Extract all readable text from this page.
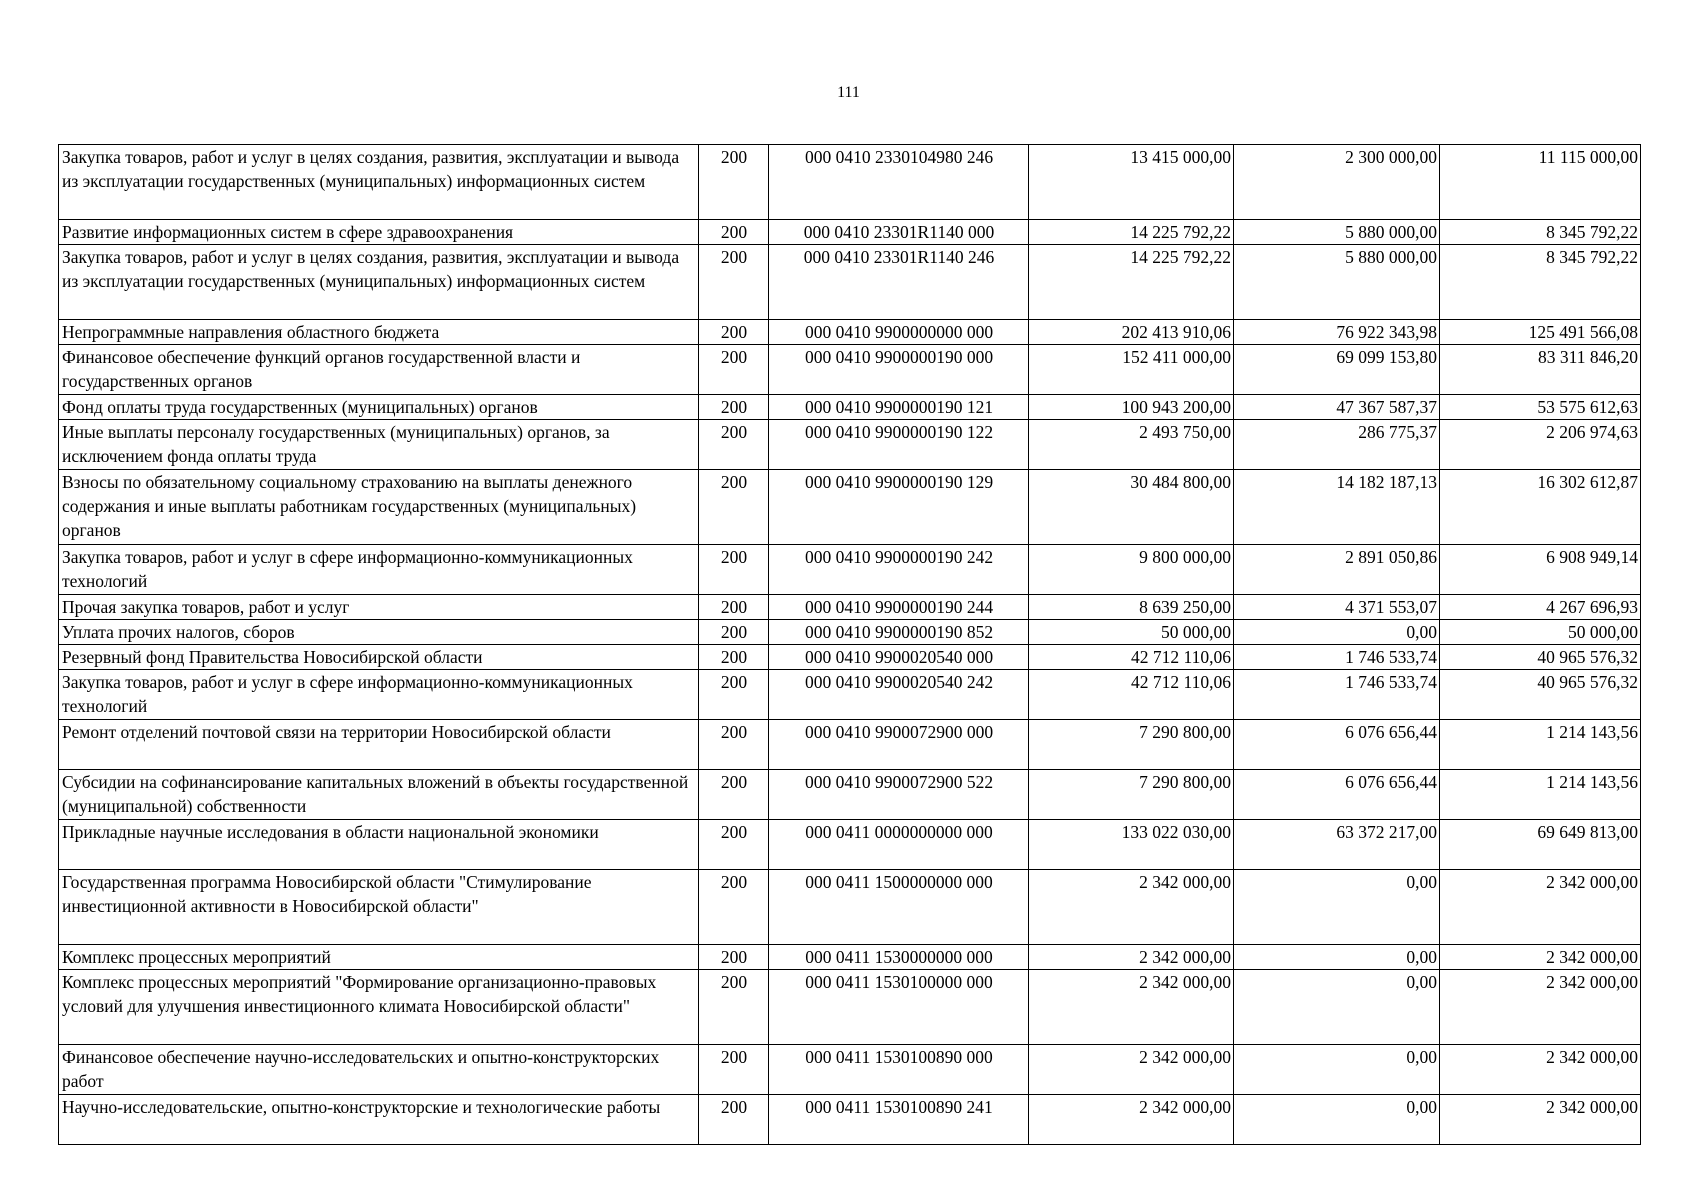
111
Закупка товаров, работ и услуг в целях создания, развития, эксплуатации и вывода из эксплуатации государственных (муниципальных) информационных систем	200	000 0410 2330104980 246	13 415 000,00	2 300 000,00	11 115 000,00
Развитие информационных систем в сфере здравоохранения	200	000 0410 23301R1140 000	14 225 792,22	5 880 000,00	8 345 792,22
Закупка товаров, работ и услуг в целях создания, развития, эксплуатации и вывода из эксплуатации государственных (муниципальных) информационных систем	200	000 0410 23301R1140 246	14 225 792,22	5 880 000,00	8 345 792,22
Непрограммные направления областного бюджета	200	000 0410 9900000000 000	202 413 910,06	76 922 343,98	125 491 566,08
Финансовое обеспечение функций органов государственной власти и государственных органов	200	000 0410 9900000190 000	152 411 000,00	69 099 153,80	83 311 846,20
Фонд оплаты труда государственных (муниципальных) органов	200	000 0410 9900000190 121	100 943 200,00	47 367 587,37	53 575 612,63
Иные выплаты персоналу государственных (муниципальных) органов, за исключением фонда оплаты труда	200	000 0410 9900000190 122	2 493 750,00	286 775,37	2 206 974,63
Взносы по обязательному социальному страхованию на выплаты денежного содержания и иные выплаты работникам государственных (муниципальных) органов	200	000 0410 9900000190 129	30 484 800,00	14 182 187,13	16 302 612,87
Закупка товаров, работ и услуг в сфере информационно-коммуникационных технологий	200	000 0410 9900000190 242	9 800 000,00	2 891 050,86	6 908 949,14
Прочая закупка товаров, работ и услуг	200	000 0410 9900000190 244	8 639 250,00	4 371 553,07	4 267 696,93
Уплата прочих налогов, сборов	200	000 0410 9900000190 852	50 000,00	0,00	50 000,00
Резервный фонд Правительства Новосибирской области	200	000 0410 9900020540 000	42 712 110,06	1 746 533,74	40 965 576,32
Закупка товаров, работ и услуг в сфере информационно-коммуникационных технологий	200	000 0410 9900020540 242	42 712 110,06	1 746 533,74	40 965 576,32
Ремонт отделений почтовой связи на территории Новосибирской области	200	000 0410 9900072900 000	7 290 800,00	6 076 656,44	1 214 143,56
Субсидии на софинансирование капитальных вложений в объекты государственной (муниципальной) собственности	200	000 0410 9900072900 522	7 290 800,00	6 076 656,44	1 214 143,56
Прикладные научные исследования в области национальной экономики	200	000 0411 0000000000 000	133 022 030,00	63 372 217,00	69 649 813,00
Государственная программа Новосибирской области "Стимулирование инвестиционной активности в Новосибирской области"	200	000 0411 1500000000 000	2 342 000,00	0,00	2 342 000,00
Комплекс процессных мероприятий	200	000 0411 1530000000 000	2 342 000,00	0,00	2 342 000,00
Комплекс процессных мероприятий "Формирование организационно-правовых условий для улучшения инвестиционного климата Новосибирской области"	200	000 0411 1530100000 000	2 342 000,00	0,00	2 342 000,00
Финансовое обеспечение научно-исследовательских и опытно-конструкторских работ	200	000 0411 1530100890 000	2 342 000,00	0,00	2 342 000,00
Научно-исследовательские, опытно-конструкторские и технологические работы	200	000 0411 1530100890 241	2 342 000,00	0,00	2 342 000,00
